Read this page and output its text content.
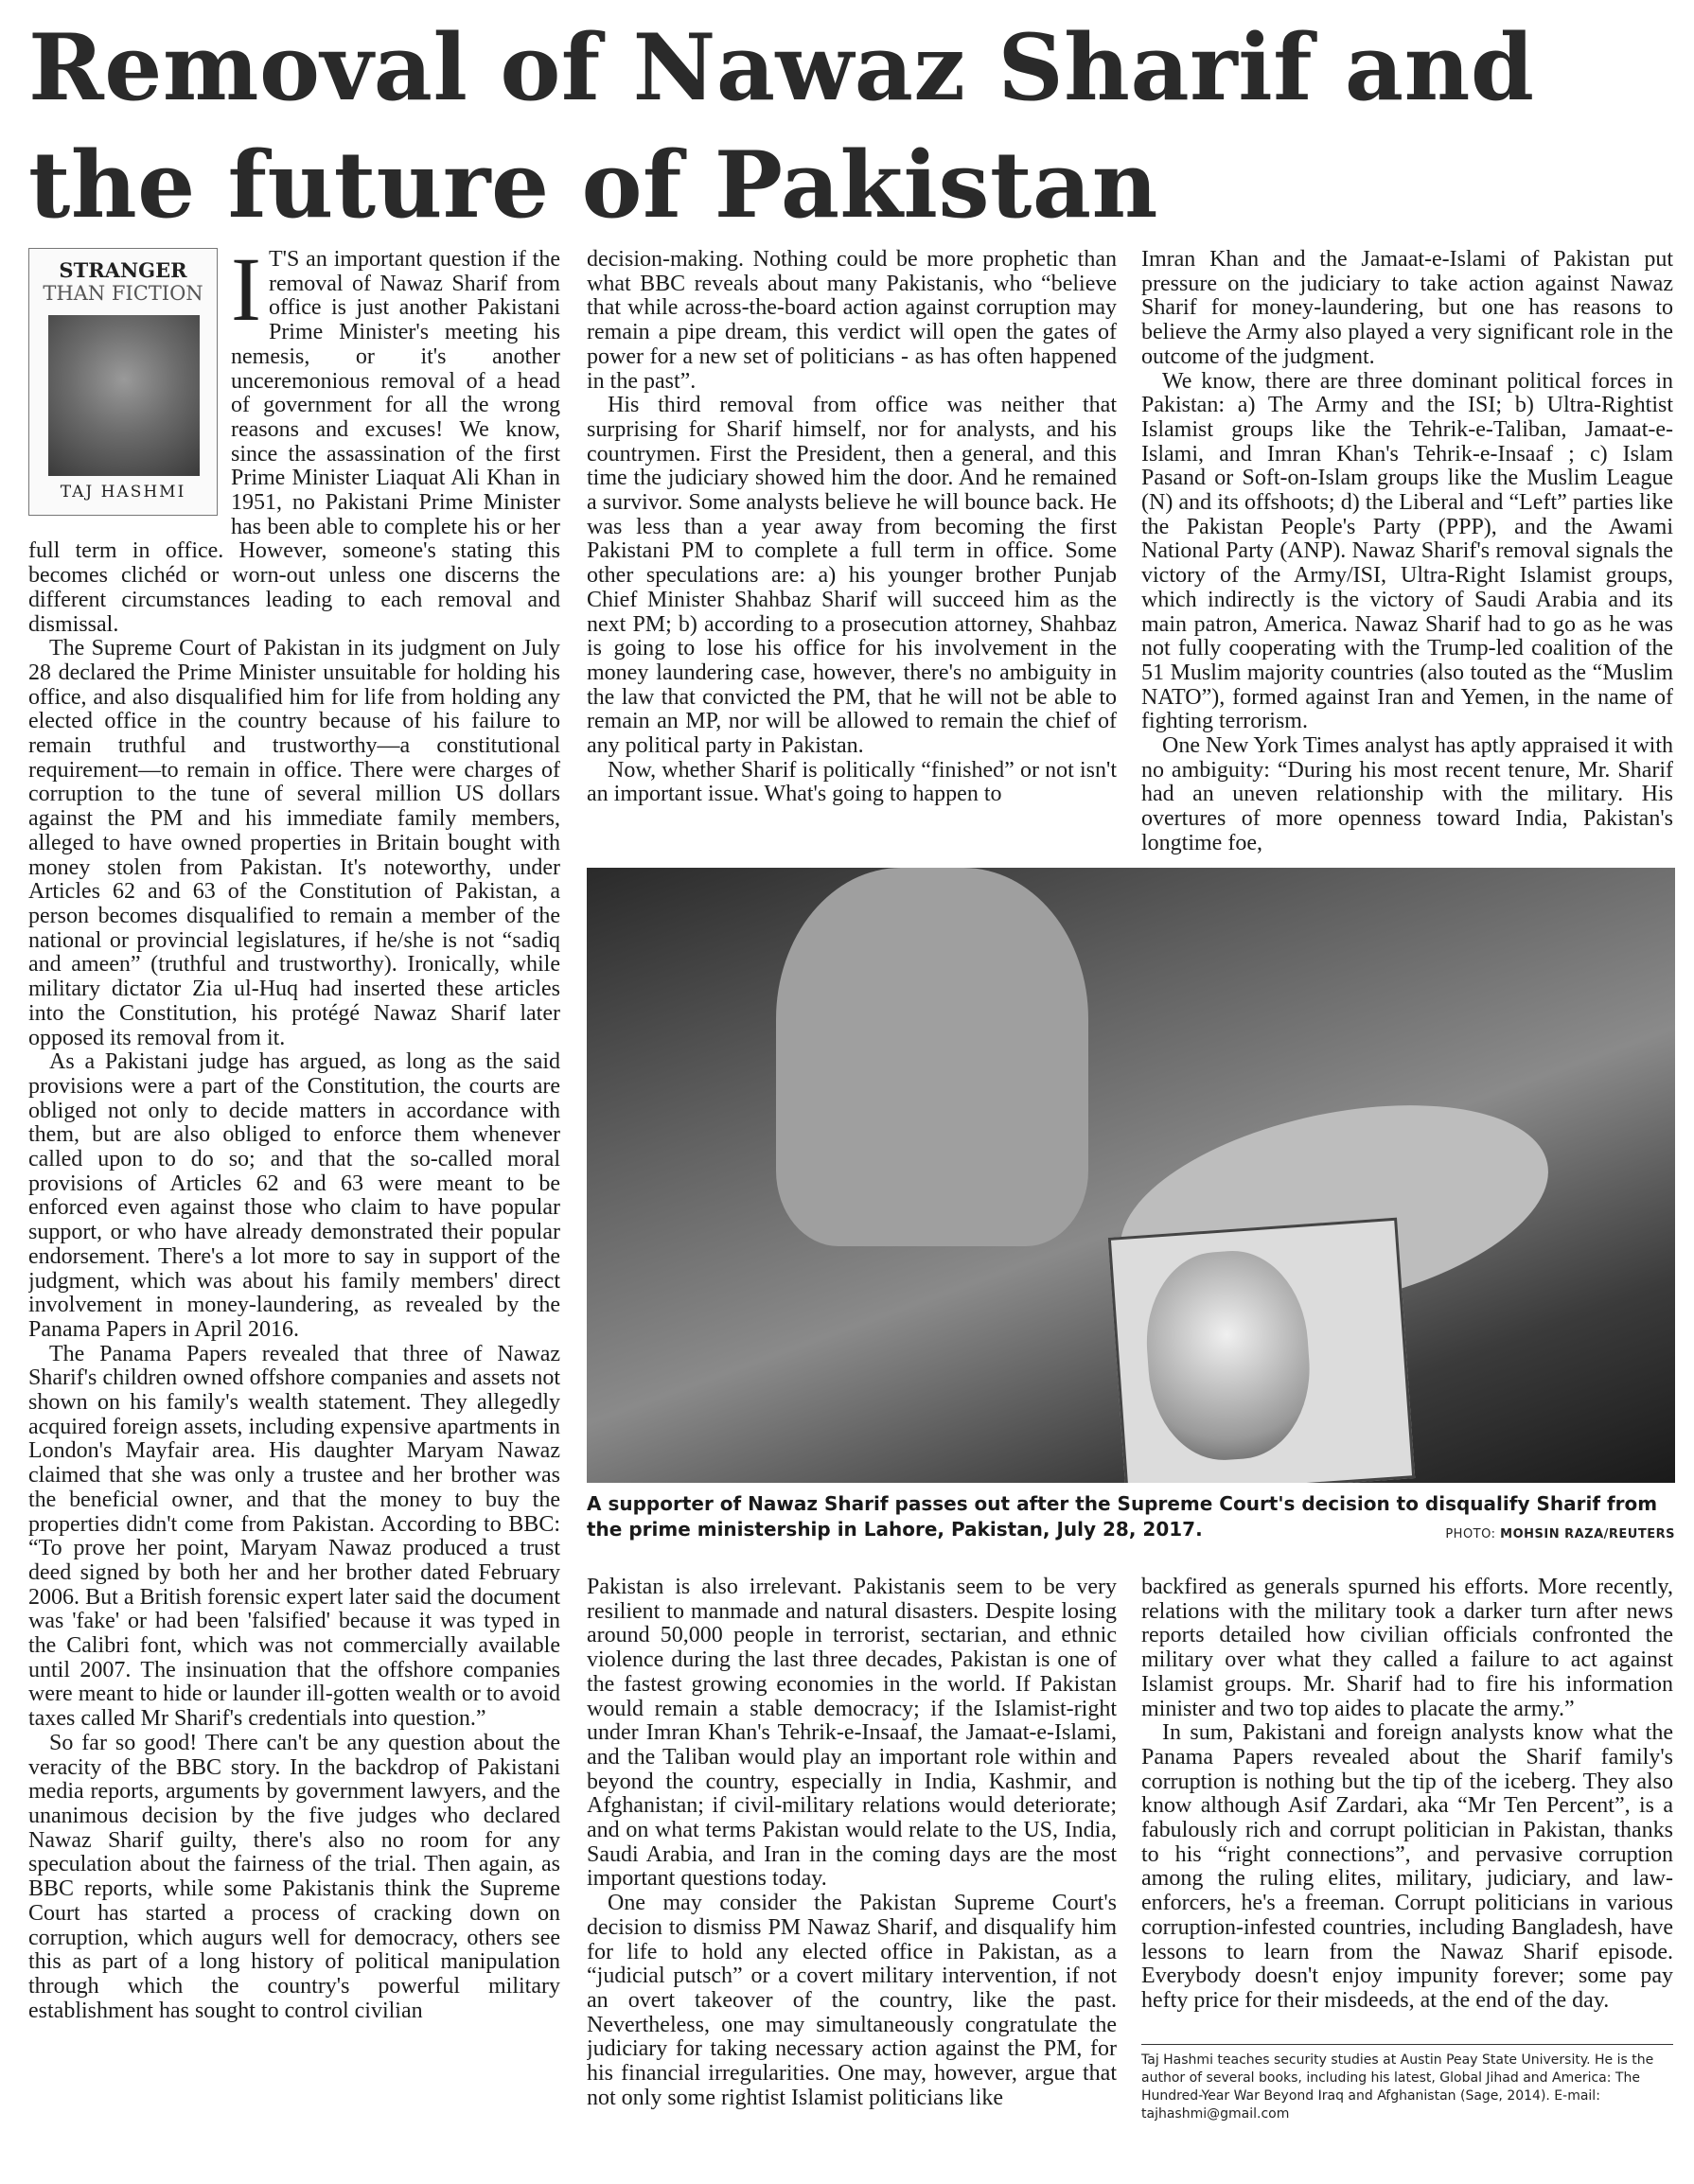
Removal of Nawaz Sharif and the future of Pakistan
STRANGER
THAN FICTION
TAJ HASHMI
I T'S an important question if the removal of Nawaz Sharif from office is just another Pakistani Prime Minister's meeting his nemesis, or it's another unceremonious removal of a head of government for all the wrong reasons and excuses! We know, since the assassination of the first Prime Minister Liaquat Ali Khan in 1951, no Pakistani Prime Minister has been able to complete his or her full term in office. However, someone's stating this becomes clichéd or worn-out unless one discerns the different circumstances leading to each removal and dismissal.

The Supreme Court of Pakistan in its judgment on July 28 declared the Prime Minister unsuitable for holding his office, and also disqualified him for life from holding any elected office in the country because of his failure to remain truthful and trustworthy—a constitutional requirement—to remain in office. There were charges of corruption to the tune of several million US dollars against the PM and his immediate family members, alleged to have owned properties in Britain bought with money stolen from Pakistan. It's noteworthy, under Articles 62 and 63 of the Constitution of Pakistan, a person becomes disqualified to remain a member of the national or provincial legislatures, if he/she is not “sadiq and ameen” (truthful and trustworthy). Ironically, while military dictator Zia ul-Huq had inserted these articles into the Constitution, his protégé Nawaz Sharif later opposed its removal from it.

As a Pakistani judge has argued, as long as the said provisions were a part of the Constitution, the courts are obliged not only to decide matters in accordance with them, but are also obliged to enforce them whenever called upon to do so; and that the so-called moral provisions of Articles 62 and 63 were meant to be enforced even against those who claim to have popular support, or who have already demonstrated their popular endorsement. There's a lot more to say in support of the judgment, which was about his family members' direct involvement in money-laundering, as revealed by the Panama Papers in April 2016.

The Panama Papers revealed that three of Nawaz Sharif's children owned offshore companies and assets not shown on his family's wealth statement. They allegedly acquired foreign assets, including expensive apartments in London's Mayfair area. His daughter Maryam Nawaz claimed that she was only a trustee and her brother was the beneficial owner, and that the money to buy the properties didn't come from Pakistan. According to BBC: “To prove her point, Maryam Nawaz produced a trust deed signed by both her and her brother dated February 2006. But a British forensic expert later said the document was 'fake' or had been 'falsified' because it was typed in the Calibri font, which was not commercially available until 2007. The insinuation that the offshore companies were meant to hide or launder ill-gotten wealth or to avoid taxes called Mr Sharif's credentials into question.”

So far so good! There can't be any question about the veracity of the BBC story. In the backdrop of Pakistani media reports, arguments by government lawyers, and the unanimous decision by the five judges who declared Nawaz Sharif guilty, there's also no room for any speculation about the fairness of the trial. Then again, as BBC reports, while some Pakistanis think the Supreme Court has started a process of cracking down on corruption, which augurs well for democracy, others see this as part of a long history of political manipulation through which the country's powerful military establishment has sought to control civilian

decision-making. Nothing could be more prophetic than what BBC reveals about many Pakistanis, who “believe that while across-the-board action against corruption may remain a pipe dream, this verdict will open the gates of power for a new set of politicians - as has often happened in the past”.

His third removal from office was neither that surprising for Sharif himself, nor for analysts, and his countrymen. First the President, then a general, and this time the judiciary showed him the door. And he remained a survivor. Some analysts believe he will bounce back. He was less than a year away from becoming the first Pakistani PM to complete a full term in office. Some other speculations are: a) his younger brother Punjab Chief Minister Shahbaz Sharif will succeed him as the next PM; b) according to a prosecution attorney, Shahbaz is going to lose his office for his involvement in the money laundering case, however, there's no ambiguity in the law that convicted the PM, that he will not be able to remain an MP, nor will be allowed to remain the chief of any political party in Pakistan.

Now, whether Sharif is politically “finished” or not isn't an important issue. What's going to happen to

Imran Khan and the Jamaat-e-Islami of Pakistan put pressure on the judiciary to take action against Nawaz Sharif for money-laundering, but one has reasons to believe the Army also played a very significant role in the outcome of the judgment.

We know, there are three dominant political forces in Pakistan: a) The Army and the ISI; b) Ultra-Rightist Islamist groups like the Tehrik-e-Taliban, Jamaat-e-Islami, and Imran Khan's Tehrik-e-Insaaf ; c) Islam Pasand or Soft-on-Islam groups like the Muslim League (N) and its offshoots; d) the Liberal and “Left” parties like the Pakistan People's Party (PPP), and the Awami National Party (ANP). Nawaz Sharif's removal signals the victory of the Army/ISI, Ultra-Right Islamist groups, which indirectly is the victory of Saudi Arabia and its main patron, America. Nawaz Sharif had to go as he was not fully cooperating with the Trump-led coalition of the 51 Muslim majority countries (also touted as the “Muslim NATO”), formed against Iran and Yemen, in the name of fighting terrorism.

One New York Times analyst has aptly appraised it with no ambiguity: “During his most recent tenure, Mr. Sharif had an uneven relationship with the military. His overtures of more openness toward India, Pakistan's longtime foe,

A supporter of Nawaz Sharif passes out after the Supreme Court's decision to disqualify Sharif from the prime ministership in Lahore, Pakistan, July 28, 2017.	PHOTO: MOHSIN RAZA/REUTERS

Pakistan is also irrelevant. Pakistanis seem to be very resilient to manmade and natural disasters. Despite losing around 50,000 people in terrorist, sectarian, and ethnic violence during the last three decades, Pakistan is one of the fastest growing economies in the world. If Pakistan would remain a stable democracy; if the Islamist-right under Imran Khan's Tehrik-e-Insaaf, the Jamaat-e-Islami, and the Taliban would play an important role within and beyond the country, especially in India, Kashmir, and Afghanistan; if civil-military relations would deteriorate; and on what terms Pakistan would relate to the US, India, Saudi Arabia, and Iran in the coming days are the most important questions today.

One may consider the Pakistan Supreme Court's decision to dismiss PM Nawaz Sharif, and disqualify him for life to hold any elected office in Pakistan, as a “judicial putsch” or a covert military intervention, if not an overt takeover of the country, like the past. Nevertheless, one may simultaneously congratulate the judiciary for taking necessary action against the PM, for his financial irregularities. One may, however, argue that not only some rightist Islamist politicians like

backfired as generals spurned his efforts. More recently, relations with the military took a darker turn after news reports detailed how civilian officials confronted the military over what they called a failure to act against Islamist groups. Mr. Sharif had to fire his information minister and two top aides to placate the army.”

In sum, Pakistani and foreign analysts know what the Panama Papers revealed about the Sharif family's corruption is nothing but the tip of the iceberg. They also know although Asif Zardari, aka “Mr Ten Percent”, is a fabulously rich and corrupt politician in Pakistan, thanks to his “right connections”, and pervasive corruption among the ruling elites, military, judiciary, and law-enforcers, he's a freeman. Corrupt politicians in various corruption-infested countries, including Bangladesh, have lessons to learn from the Nawaz Sharif episode. Everybody doesn't enjoy impunity forever; some pay hefty price for their misdeeds, at the end of the day.

Taj Hashmi teaches security studies at Austin Peay State University. He is the author of several books, including his latest, Global Jihad and America: The Hundred-Year War Beyond Iraq and Afghanistan (Sage, 2014). E-mail: tajhashmi@gmail.com
